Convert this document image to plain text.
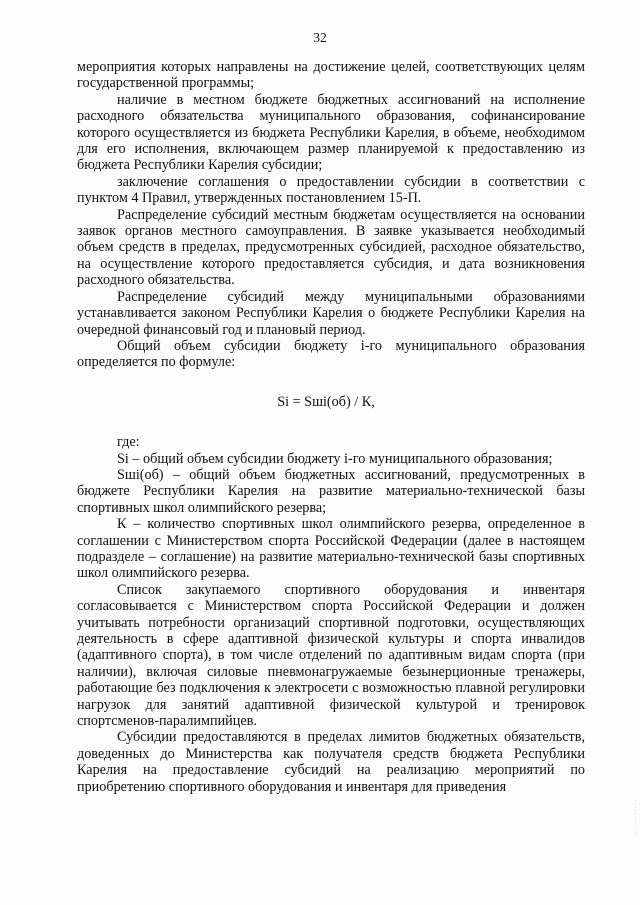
32

мероприятия которых направлены на достижение целей, соответствующих целям государственной программы;

наличие в местном бюджете бюджетных ассигнований на исполнение расходного обязательства муниципального образования, софинансирование которого осуществляется из бюджета Республики Карелия, в объеме, необходимом для его исполнения, включающем размер планируемой к предоставлению из бюджета Республики Карелия субсидии;

заключение соглашения о предоставлении субсидии в соответствии с пунктом 4 Правил, утвержденных постановлением 15-П.

Распределение субсидий местным бюджетам осуществляется на основании заявок органов местного самоуправления. В заявке указывается необходимый объем средств в пределах, предусмотренных субсидией, расходное обязательство, на осуществление которого предоставляется субсидия, и дата возникновения расходного обязательства.

Распределение субсидий между муниципальными образованиями устанавливается законом Республики Карелия о бюджете Республики Карелия на очередной финансовый год и плановый период.

Общий объем субсидии бюджету i-го муниципального образования определяется по формуле:

Si = Sшi(об) / К,

где:

Si – общий объем субсидии бюджету i-го муниципального образования;

Sшi(об) – общий объем бюджетных ассигнований, предусмотренных в бюджете Республики Карелия на развитие материально-технической базы спортивных школ олимпийского резерва;

К – количество спортивных школ олимпийского резерва, определенное в соглашении с Министерством спорта Российской Федерации (далее в настоящем подразделе – соглашение) на развитие материально-технической базы спортивных школ олимпийского резерва.

Список закупаемого спортивного оборудования и инвентаря согласовывается с Министерством спорта Российской Федерации и должен учитывать потребности организаций спортивной подготовки, осуществляющих деятельность в сфере адаптивной физической культуры и спорта инвалидов (адаптивного спорта), в том числе отделений по адаптивным видам спорта (при наличии), включая силовые пневмонагружаемые безынерционные тренажеры, работающие без подключения к электросети с возможностью плавной регулировки нагрузок для занятий адаптивной физической культурой и тренировок спортсменов-паралимпийцев.

Субсидии предоставляются в пределах лимитов бюджетных обязательств, доведенных до Министерства как получателя средств бюджета Республики Карелия на предоставление субсидий на реализацию мероприятий по приобретению спортивного оборудования и инвентаря для приведения

· · · · · · · · · · · ·
